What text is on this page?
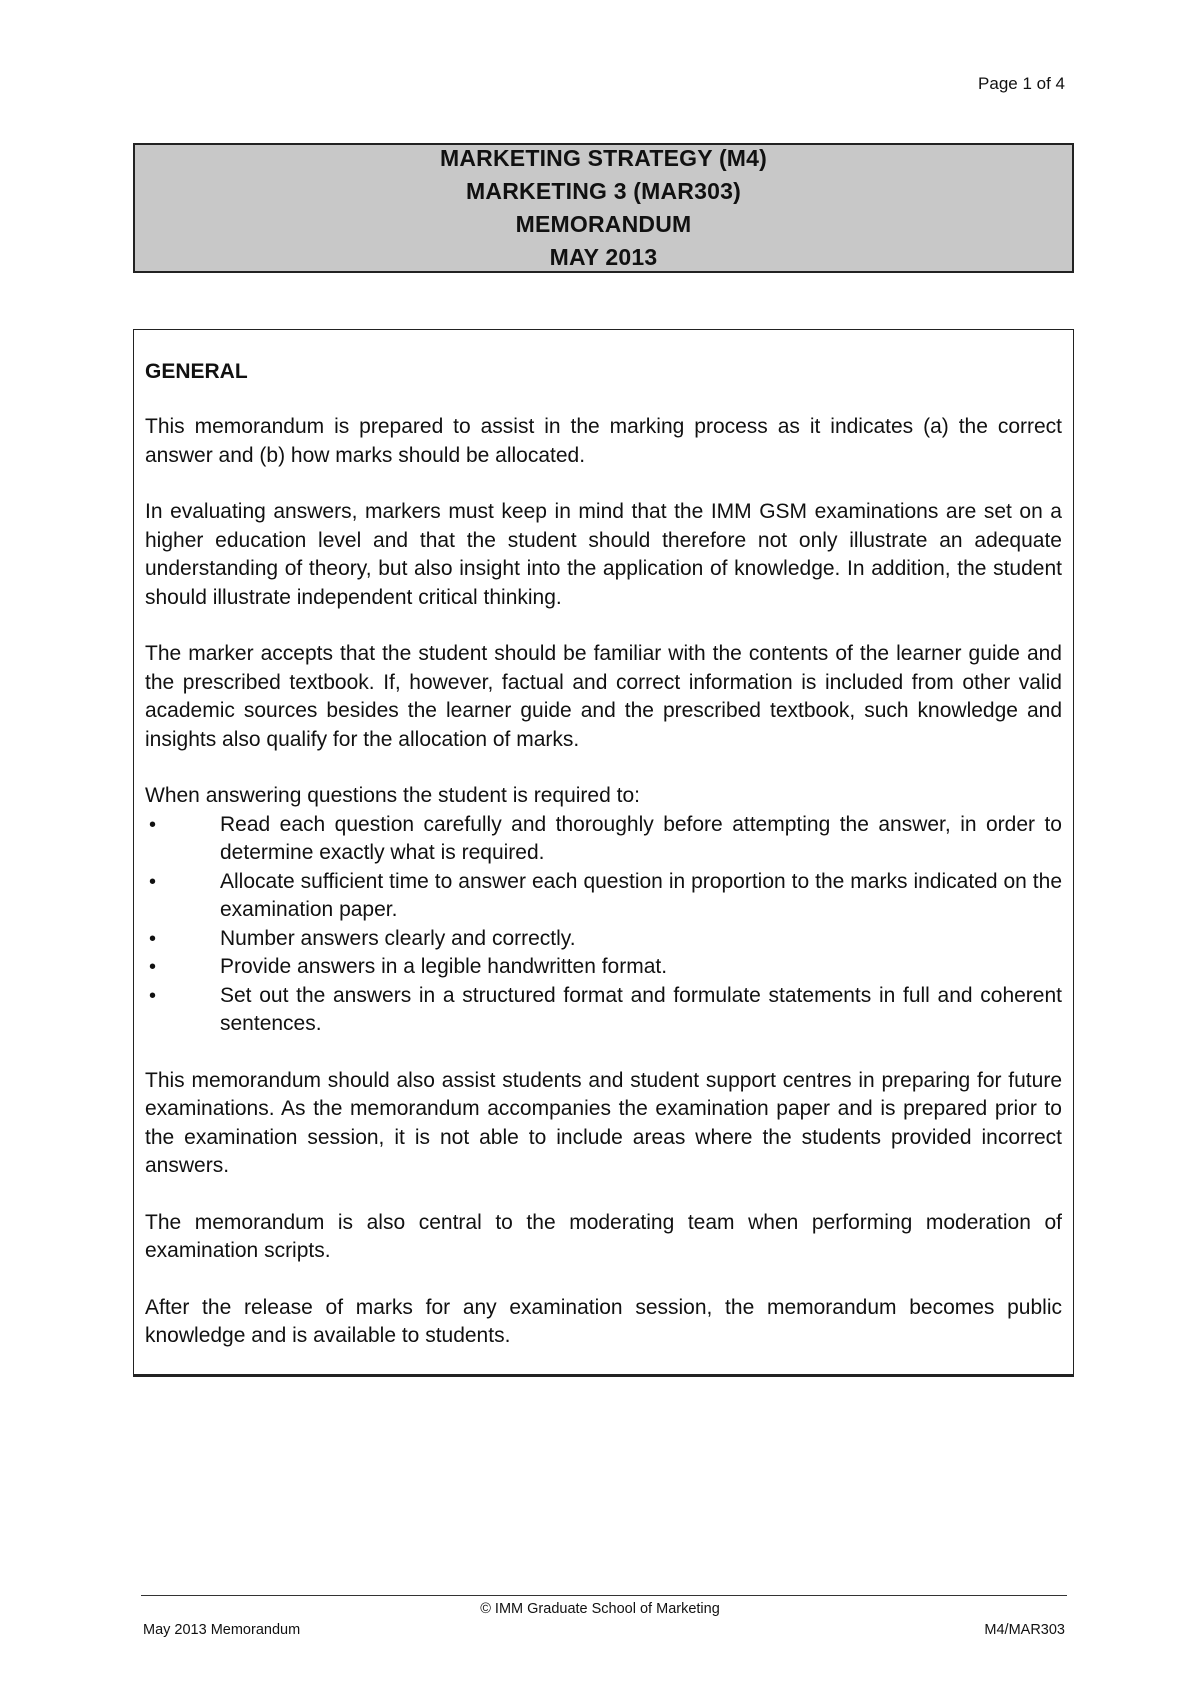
Page 1 of 4
MARKETING STRATEGY (M4)
MARKETING 3 (MAR303)
MEMORANDUM
MAY 2013
GENERAL

This memorandum is prepared to assist in the marking process as it indicates (a) the correct answer and (b) how marks should be allocated.

In evaluating answers, markers must keep in mind that the IMM GSM examinations are set on a higher education level and that the student should therefore not only illustrate an adequate understanding of theory, but also insight into the application of knowledge. In addition, the student should illustrate independent critical thinking.

The marker accepts that the student should be familiar with the contents of the learner guide and the prescribed textbook. If, however, factual and correct information is included from other valid academic sources besides the learner guide and the prescribed textbook, such knowledge and insights also qualify for the allocation of marks.

When answering questions the student is required to:

•	Read each question carefully and thoroughly before attempting the answer, in order to determine exactly what is required.
•	Allocate sufficient time to answer each question in proportion to the marks indicated on the examination paper.
•	Number answers clearly and correctly.
•	Provide answers in a legible handwritten format.
•	Set out the answers in a structured format and formulate statements in full and coherent sentences.

This memorandum should also assist students and student support centres in preparing for future examinations. As the memorandum accompanies the examination paper and is prepared prior to the examination session, it is not able to include areas where the students provided incorrect answers.

The memorandum is also central to the moderating team when performing moderation of examination scripts.

After the release of marks for any examination session, the memorandum becomes public knowledge and is available to students.

© IMM Graduate School of Marketing
May 2013 Memorandum	M4/MAR303
